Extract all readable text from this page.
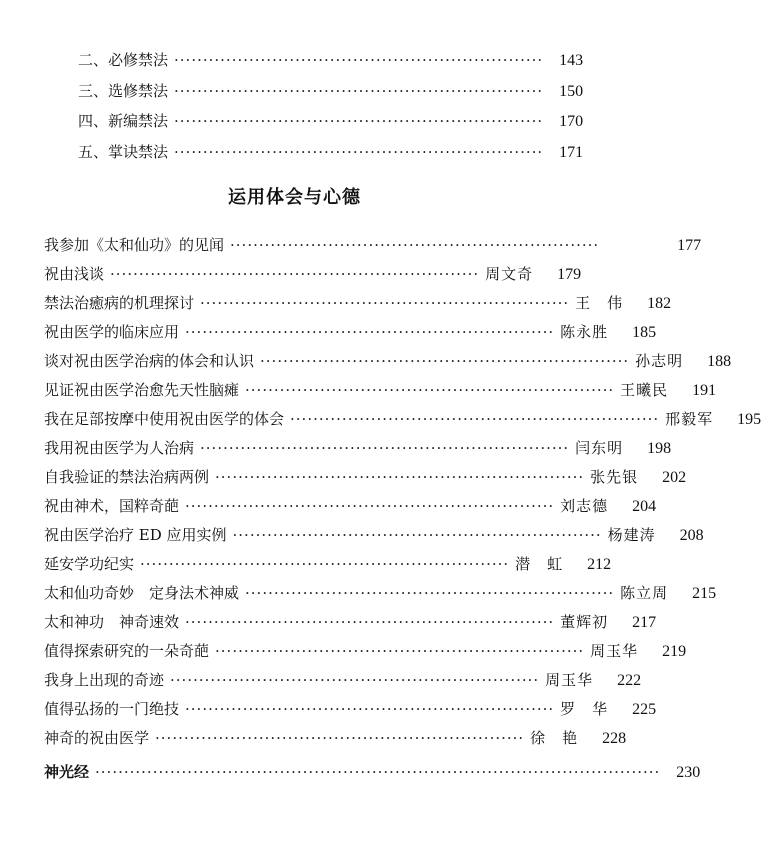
二、必修禁法 ································································	143
三、选修禁法 ································································	150
四、新编禁法 ································································	170
五、掌诀禁法 ································································	171
运用体会与心德
我参加《太和仙功》的见闻 ································································	177
祝由浅谈 ································································ 周文奇	179
禁法治癒病的机理探讨 ································································ 王　伟	182
祝由医学的临床应用 ································································ 陈永胜	185
谈对祝由医学治病的体会和认识 ································································ 孙志明	188
见证祝由医学治愈先天性脑瘫 ································································ 王曦民	191
我在足部按摩中使用祝由医学的体会 ································································ 邢毅军	195
我用祝由医学为人治病 ································································ 闫东明	198
自我验证的禁法治病两例 ································································ 张先银	202
祝由神术，国粹奇葩 ································································ 刘志德	204
祝由医学治疗 ED 应用实例 ································································ 杨建涛	208
延安学功纪实 ································································ 潜　虹	212
太和仙功奇妙　定身法术神威 ································································ 陈立周	215
太和神功　神奇速效 ································································ 董辉初	217
值得探索研究的一朵奇葩 ································································ 周玉华	219
我身上出现的奇迹 ································································ 周玉华	222
值得弘扬的一门绝技 ································································ 罗　华	225
神奇的祝由医学 ································································ 徐　艳	228
神光经 ··································································································	230
